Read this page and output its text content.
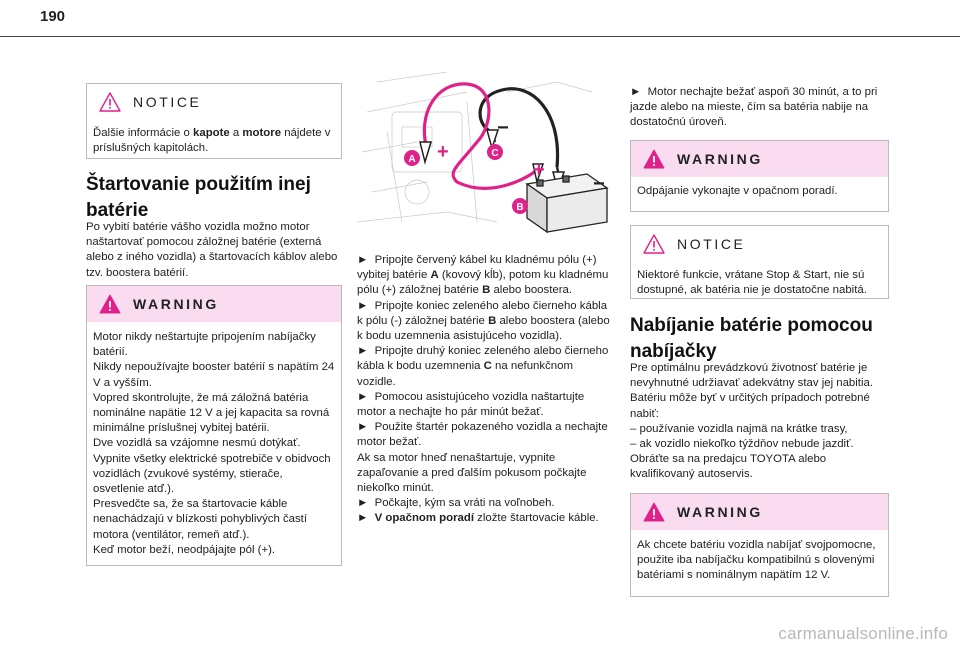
190
NOTICE
Ďalšie informácie o kapote a motore nájdete v príslušných kapitolách.
Štartovanie použitím inej
batérie
Po vybití batérie vášho vozidla možno motor naštartovať pomocou záložnej batérie (externá alebo z iného vozidla) a štartovacích káblov alebo tzv. boostera batérií.
WARNING
Motor nikdy neštartujte pripojením nabíjačky batérií.
Nikdy nepoužívajte booster batérií s napätím 24 V a vyšším.
Vopred skontrolujte, že má záložná batéria nominálne napätie 12 V a jej kapacita sa rovná minimálne príslušnej vybitej batérii.
Dve vozidlá sa vzájomne nesmú dotýkať.
Vypnite všetky elektrické spotrebiče v obidvoch vozidlách (zvukové systémy, stierače, osvetlenie atď.).
Presvedčte sa, že sa štartovacie káble nenachádzajú v blízkosti pohyblivých častí motora (ventilátor, remeň atď.).
Keď motor beží, neodpájajte pól (+).
+
−
+
−
A
C
B
► Pripojte červený kábel ku kladnému pólu (+) vybitej batérie A (kovový kĺb), potom ku kladnému pólu (+) záložnej batérie B alebo boostera.
► Pripojte koniec zeleného alebo čierneho kábla k pólu (-) záložnej batérie B alebo boostera (alebo k bodu uzemnenia asistujúceho vozidla).
► Pripojte druhý koniec zeleného alebo čierneho kábla k bodu uzemnenia C na nefunkčnom vozidle.
► Pomocou asistujúceho vozidla naštartujte motor a nechajte ho pár minút bežať.
► Použite štartér pokazeného vozidla a nechajte motor bežať.
Ak sa motor hneď nenaštartuje, vypnite zapaľovanie a pred ďalším pokusom počkajte niekoľko minút.
► Počkajte, kým sa vráti na voľnobeh.
► V opačnom poradí zložte štartovacie káble.
► Motor nechajte bežať aspoň 30 minút, a to pri jazde alebo na mieste, čím sa batéria nabije na dostatočnú úroveň.
WARNING
Odpájanie vykonajte v opačnom poradí.
NOTICE
Niektoré funkcie, vrátane Stop & Start, nie sú dostupné, ak batéria nie je dostatočne nabitá.
Nabíjanie batérie pomocou
nabíjačky
Pre optimálnu prevádzkovú životnosť batérie je nevyhnutné udržiavať adekvátny stav jej nabitia.
Batériu môže byť v určitých prípadoch potrebné nabiť:
– používanie vozidla najmä na krátke trasy,
– ak vozidlo niekoľko týždňov nebude jazdiť.
Obráťte sa na predajcu TOYOTA alebo kvalifikovaný autoservis.
WARNING
Ak chcete batériu vozidla nabíjať svojpomocne, použite iba nabíjačku kompatibilnú s olovenými batériami s nominálnym napätím 12 V.
carmanualsonline.info
